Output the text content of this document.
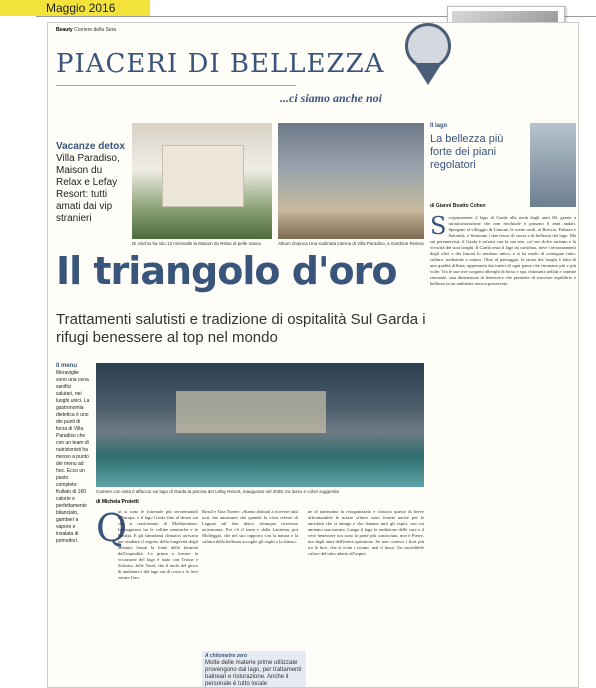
Maggio 2016
Beauty Corriere della Sera
PIACERI DI BELLEZZA
...ci siamo anche noi
Vacanze detox
Villa Paradiso, Maison du Relax e Lefay Resort: tutti amati dai vip stranieri
Di vischio ha sito 13 minimalle la Maison du Relax di pelle Vasca	Album d'epoca Una scalinata interna di Villa Paradiso, a Gardone Riviera
Il triangolo d'oro
Trattamenti salutisti e tradizione di ospitalità Sul Garda i rifugi benessere al top nel mondo
Il menu
Meraviglie sono una cena sanifici salutari, nei luoghi unici. La gastronomia dietetica è uno dei punti di forza di Villa Paradiso che con un team di nutrizionisti ha messo a punto dei menu ad hoc. Ecco un pasto completo: frullato di 160 calorie e perfettamente bilanciato, gamberi a vapore e insalata di pomodori.
Camere con vista Il affaccio sul lago di Garda la piscina del Lefay Resort, inaugurato nel 2008, tra lusso e colori suggestivi
di Michela Proietti
Q
ui si sono le fotomale più serotematiali d'Europa, e il lago Garda fino al deseo sin che si trasformato di Mediterraneo. Immaginarsi tra le colline montuche e le Prealpi. E gli stimolanti climatici arrivano per studiare il segreto della longevità degli abitanti, basati la fonte della formula dall'ospitalità. La prima a fornire la vocazione del lago è stata con Trusse e Salsotta, Jolle Vasel, che il ruolo del gioco di ambienti e del lago sin di costa e lo fece venire l'oro.
Brasil e Tina Turner: «Siamo abituati a ricevere tutti noti, ma amavamo che quando la vista celeste di Laguna sul lato detox chiunque ricevesse un'armonia. Poi c'è il team e dalla Lanterna, poi Molleggio, che nel suo rapporto con la natura e la cultura della bellezza accoglie gli ospiti e la stima».
ne al tantissimo la reorganizzato e classico questo di breve affrontandole le nostre sfinire sono fornite anche per le antichità che si attinge e che donano tutti gli ospiti, con cui amiamo una mostra. Lungo il lago la tradizione delle cure e il vero benessere ora sono la parte più conosciuta, non è Pierre, ma dagli anni dell'intera questione. Se non conosci i fiori più tra la luce, che si evita i ricami, mai il lusso. Un incredibile valore del tutto adatto all'ospite.
A chilometro zero
Molte delle materie prime utilizzate provengono dal lago, per trattamenti balneari e ristorazione. Anche il personale è tutto locale
Il lago
La bellezza più forte dei piani regolatori
di Gianni Boatto Cohen
Scorpriamente il lago di Garda alla metà degli anni 60, grazie a un'autorizzazione che non rinchiude e passano 6 anni andati. Spiegano al villaggio di Limone, le scene ostili, al Brescia, Palazzo e Salonisti, e Sirmione i due tesori di storia e di bellezza del lago. Ma sui perennevisti, il Garda è un'oasi con la sua arte, col suo dolce turismo e la vivacità dei suoi borghi. Il Garda resta il lago da cartolina, dove i terrazzamenti degli ulivi e dei limoni lo rendono unico, e si ha modo di coniugare tutto: cultura, tradizione e natura. Oltre al paesaggio, la storia dei luoghi è fatta di una qualità diffusa, apprezzata dai turisti di ogni paese che ritornano più e più volte. Tra le sue rive sorgono alberghi di lusso e spa, ristoranti stellati e cantine rinomate, una dimensione di benessere che permette di ritrovare equilibrio e bellezza in un ambiente ancora preservato.
